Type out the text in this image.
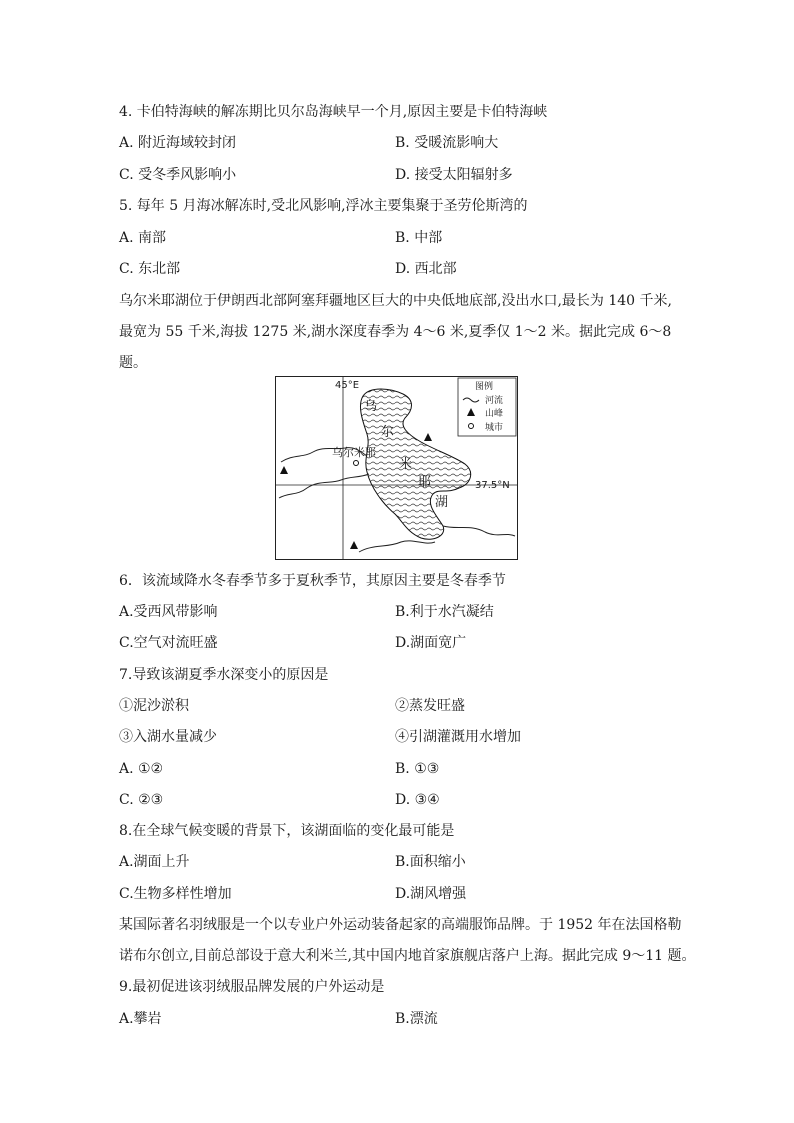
4. 卡伯特海峡的解冻期比贝尔岛海峡早一个月,原因主要是卡伯特海峡
A. 附近海域较封闭	B. 受暖流影响大
C. 受冬季风影响小	D. 接受太阳辐射多
5. 每年 5 月海冰解冻时,受北风影响,浮冰主要集聚于圣劳伦斯湾的
A. 南部	B. 中部
C. 东北部	D. 西北部
乌尔米耶湖位于伊朗西北部阿塞拜疆地区巨大的中央低地底部,没出水口,最长为 140 千米,
最宽为 55 千米,海拔 1275 米,湖水深度春季为 4～6 米,夏季仅 1～2 米。据此完成 6～8
题。
乌尔米耶
乌
尔
米
耶
湖
45°E
37.5°N
图例
河流
山峰
城市
6．该流域降水冬春季节多于夏秋季节，其原因主要是冬春季节
A.受西风带影响	B.利于水汽凝结
C.空气对流旺盛	D.湖面宽广
7.导致该湖夏季水深变小的原因是
①泥沙淤积	②蒸发旺盛
③入湖水量减少	④引湖灌溉用水增加
A. ①②	B. ①③
C. ②③	D. ③④
8.在全球气候变暖的背景下，该湖面临的变化最可能是
A.湖面上升	B.面积缩小
C.生物多样性增加	D.湖风增强
某国际著名羽绒服是一个以专业户外运动装备起家的高端服饰品牌。于 1952 年在法国格勒
诺布尔创立,目前总部设于意大利米兰,其中国内地首家旗舰店落户上海。据此完成 9～11 题。
9.最初促进该羽绒服品牌发展的户外运动是
A.攀岩	B.漂流
